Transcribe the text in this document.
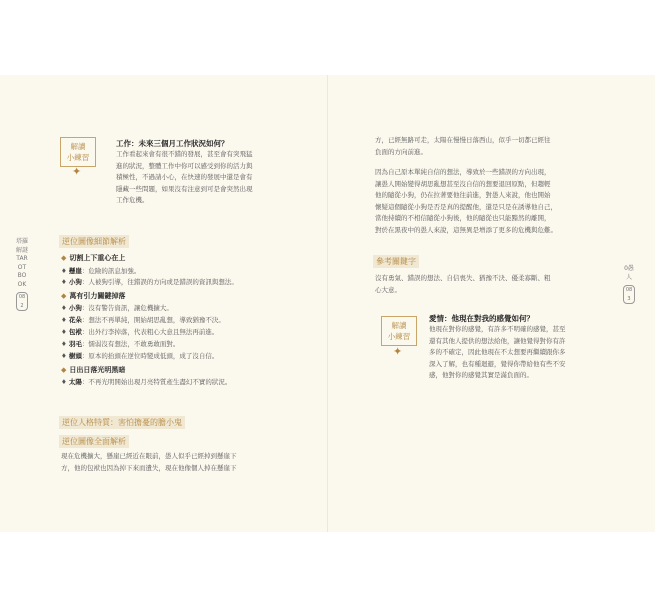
塔羅解謎TAROT BOOK
082
解讀
小練習
✦
工作：未來三個月工作狀況如何？
工作看起來會有很不錯的發展，甚至會有突飛猛
進的狀況，整體工作中你可以感受到你的活力與
積極性，不過請小心，在快速的發展中還是會有
隱藏一些問題，如果沒有注意到可是會突然出現
工作危機。
逆位圖像細節解析
◆ 切割上下重心在上
♦ 懸崖：危險的訊息加強。
♦ 小狗：人被狗引導，往錯誤的方向或是錯誤的資訊與想法。
◆ 萬有引力關鍵掉落
♦ 小狗：沒有警告資訊，讓危機擴大。
♦ 花朵：想法不再單純，開始胡思亂想，導致猶豫不決。
♦ 包袱：出外行李掉落，代表粗心大意且無法再前進。
♦ 羽毛：懦弱沒有想法，不敢勇敢面對。
♦ 樹頭：原本的抬頭在逆位時變成低頭，成了沒自信。
◆ 日出日落光明黑暗
♦ 太陽：不再光明開始出現月亮特質產生盡幻不實的狀況。
逆位人格特質：害怕擔憂的膽小鬼
逆位圖像全面解析
現在危機擴大，懸崖已經近在眼前，愚人似乎已經掉到懸崖下
方，他的包袱也因為掉下來而遺失，現在他像個人掉在懸崖下
方，已經無路可走，太陽在慢慢日落西山，似乎一切都已經往
負面的方向前進。
因為自己原本單純自信的想法，導致於一些錯誤的方向出現，
讓愚人開始變得胡思亂想甚至沒自信的想要退回原點，但趨輕
他的隨從小狗，仍在拉著要他往前進，對愚人來說，他也開始
懷疑這個隨從小狗是否是真的提醒他，還是只是在誘導他自己，
當他持續的不相信隨從小狗後，他的隨從也只能黯然的離開，
對於在黑夜中的愚人來說，這無異是增添了更多的危機與危難。
參考關鍵字
沒有勇氣、錯誤的想法、自信喪失、猶豫不決、優柔寡斷、粗
心大意。
解讀
小練習
✦
愛情：他現在對我的感覺如何？
他現在對你的感覺，有許多不明確的感覺，甚至
還有其他人提供的想法給他，讓他覺得對你有許
多的不確定，因此他現在不太想要再繼續跟你多
深入了解，也有種迴避，覺得你帶給他有些不安
感，他對你的感覺其實是滿負面的。
0愚人
083
